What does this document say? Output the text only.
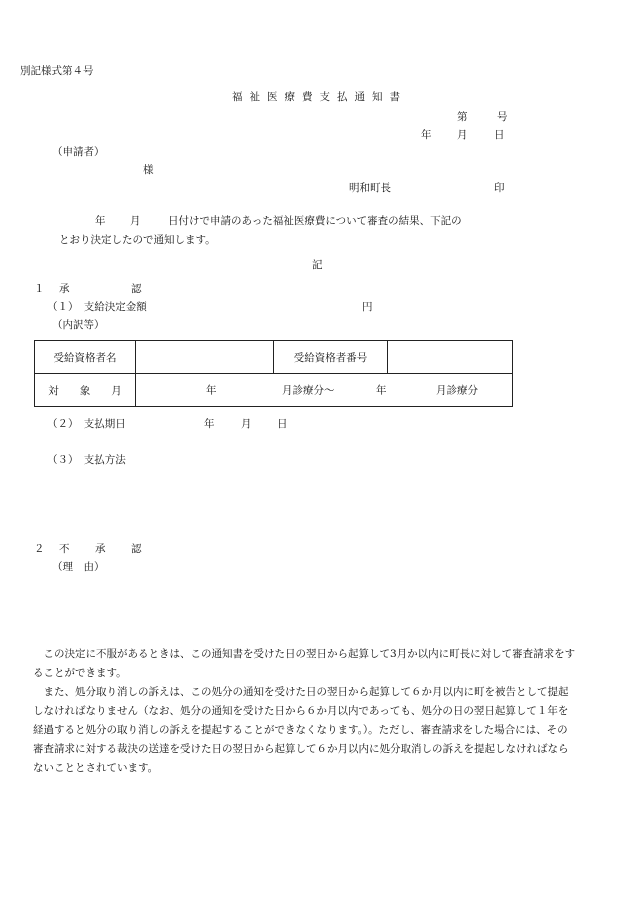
別記様式第４号
福祉医療費支払通知書
第	号
年 月	日
（申請者）
様
明和町長	印
年 月	日付けで申請のあった福祉医療費について審査の結果、下記の
とおり決定したので通知します。
記
１ 承	認
（１）　支給決定金額	円
（内訳等）
受給資格者名		受給資格者番号	
対　　象　　月	年 月診療分～ 年 月診療分		
（２）　支払期日	年	月 日
（３）　支払方法
２ 不 承 認
（理　由）
　この決定に不服があるときは、この通知書を受けた日の翌日から起算して3月か以内に町長に対して審査請求をすることができます。
　また、処分取り消しの訴えは、この処分の通知を受けた日の翌日から起算して６か月以内に町を被告として提起しなければなりません（なお、処分の通知を受けた日から６か月以内であっても、処分の日の翌日起算して１年を経過すると処分の取り消しの訴えを提起することができなくなります。）。ただし、審査請求をした場合には、その審査請求に対する裁決の送達を受けた日の翌日から起算して６か月以内に処分取消しの訴えを提起しなければならないこととされています。
